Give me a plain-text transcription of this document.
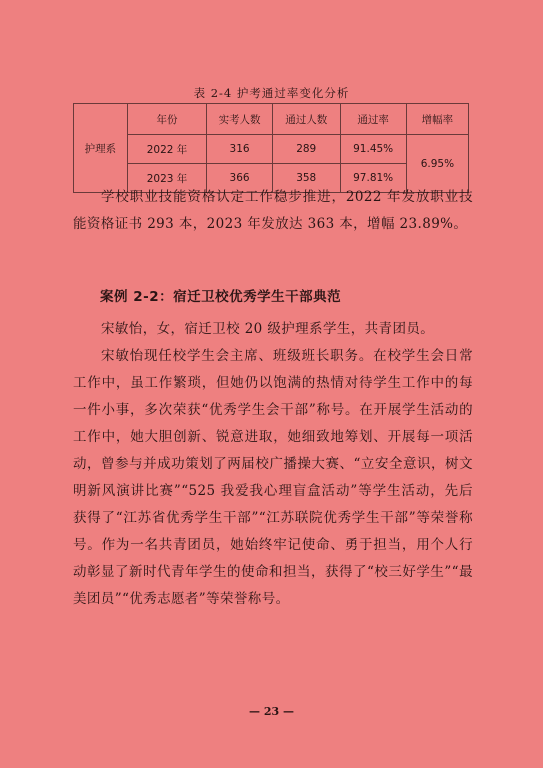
表 2-4 护考通过率变化分析
护理系	年份	实考人数	通过人数	通过率	增幅率
	2022 年	316	289	91.45%	6.95%
	2023 年	366	358	97.81%	

学校职业技能资格认定工作稳步推进，2022 年发放职业技能资格证书 293 本，2023 年发放达 363 本，增幅 23.89%。

案例 2-2：宿迁卫校优秀学生干部典范

宋敏怡，女，宿迁卫校 20 级护理系学生，共青团员。

宋敏怡现任校学生会主席、班级班长职务。在校学生会日常工作中，虽工作繁琐，但她仍以饱满的热情对待学生工作中的每一件小事，多次荣获“优秀学生会干部”称号。在开展学生活动的工作中，她大胆创新、锐意进取，她细致地筹划、开展每一项活动，曾参与并成功策划了两届校广播操大赛、“立安全意识，树文明新风演讲比赛”“525 我爱我心理盲盒活动”等学生活动，先后获得了“江苏省优秀学生干部”“江苏联院优秀学生干部”等荣誉称号。作为一名共青团员，她始终牢记使命、勇于担当，用个人行动彰显了新时代青年学生的使命和担当，获得了“校三好学生”“最美团员”“优秀志愿者”等荣誉称号。

— 23 —
